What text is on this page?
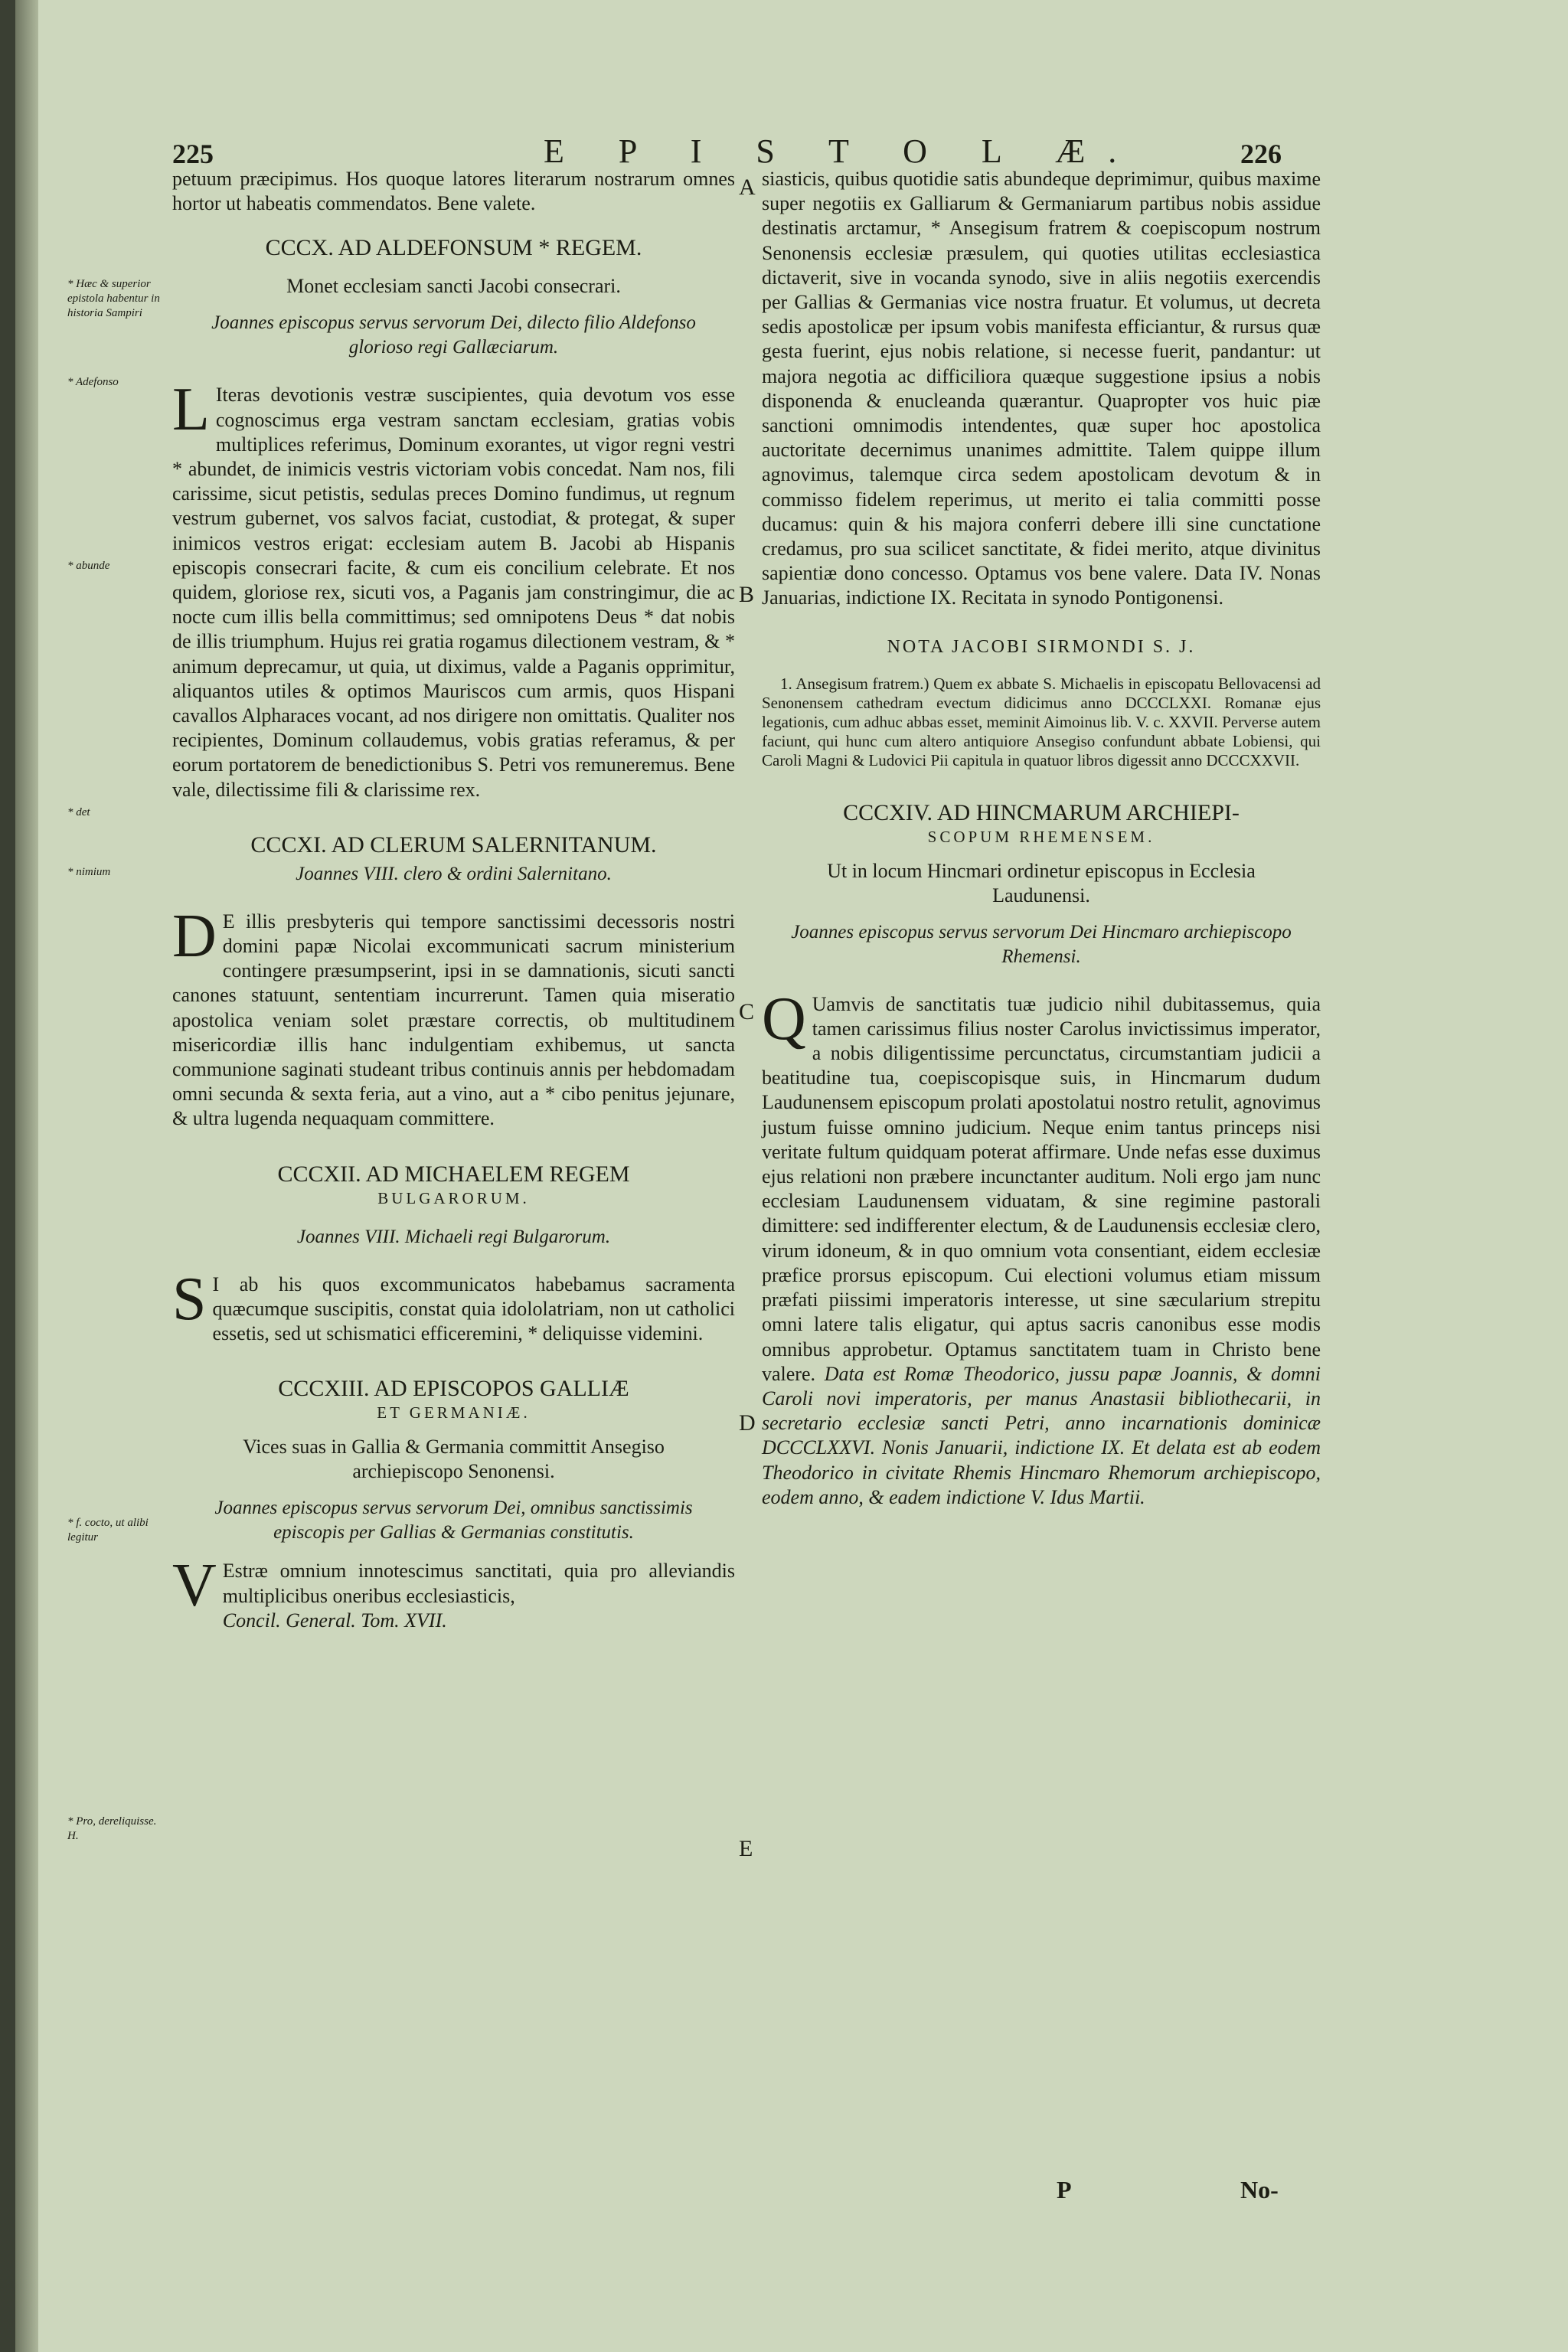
225	E P I S T O L Æ.	226
* Hæc & superior epistola habentur in historia Sampiri
* Adefonso
* abunde
* det
* nimium
* f. cocto, ut alibi legitur
* Pro, dereliquisse. H.
A
B
C
D
E

petuum præcipimus. Hos quoque latores literarum nostrarum omnes hortor ut habeatis commendatos. Bene valete.

CCCX. AD ALDEFONSUM * REGEM.
Monet ecclesiam sancti Jacobi consecrari.
Joannes episcopus servus servorum Dei, dilecto filio Aldefonso glorioso regi Gallæciarum.

L Iteras devotionis vestræ suscipientes, quia devotum vos esse cognoscimus erga vestram sanctam ecclesiam, gratias vobis multiplices referimus, Dominum exorantes, ut vigor regni vestri * abundet, de inimicis vestris victoriam vobis concedat. Nam nos, fili carissime, sicut petistis, sedulas preces Domino fundimus, ut regnum vestrum gubernet, vos salvos faciat, custodiat, & protegat, & super inimicos vestros erigat: ecclesiam autem B. Jacobi ab Hispanis episcopis consecrari facite, & cum eis concilium celebrate. Et nos quidem, gloriose rex, sicuti vos, a Paganis jam constringimur, die ac nocte cum illis bella committimus; sed omnipotens Deus * dat nobis de illis triumphum. Hujus rei gratia rogamus dilectionem vestram, & * animum deprecamur, ut quia, ut diximus, valde a Paganis opprimitur, aliquantos utiles & optimos Mauriscos cum armis, quos Hispani cavallos Alpharaces vocant, ad nos dirigere non omittatis. Qualiter nos recipientes, Dominum collaudemus, vobis gratias referamus, & per eorum portatorem de benedictionibus S. Petri vos remuneremus. Bene vale, dilectissime fili & clarissime rex.

CCCXI. AD CLERUM SALERNITANUM.
Joannes VIII. clero & ordini Salernitano.

D E illis presbyteris qui tempore sanctissimi decessoris nostri domini papæ Nicolai excommunicati sacrum ministerium contingere præsumpserint, ipsi in se damnationis, sicuti sancti canones statuunt, sententiam incurrerunt. Tamen quia miseratio apostolica veniam solet præstare correctis, ob multitudinem misericordiæ illis hanc indulgentiam exhibemus, ut sancta communione saginati studeant tribus continuis annis per hebdomadam omni secunda & sexta feria, aut a vino, aut a * cibo penitus jejunare, & ultra lugenda nequaquam committere.

CCCXII. AD MICHAELEM REGEM
BULGARORUM.
Joannes VIII. Michaeli regi Bulgarorum.

S I ab his quos excommunicatos habebamus sacramenta quæcumque suscipitis, constat quia idololatriam, non ut catholici essetis, sed ut schismatici efficeremini, * deliquisse videmini.

CCCXIII. AD EPISCOPOS GALLIÆ
ET GERMANIÆ.
Vices suas in Gallia & Germania committit Ansegiso archiepiscopo Senonensi.
Joannes episcopus servus servorum Dei, omnibus sanctissimis episcopis per Gallias & Germanias constitutis.

V Estræ omnium innotescimus sanctitati, quia pro alleviandis multiplicibus oneribus ecclesiasticis,

Concil. General. Tom. XVII.

siasticis, quibus quotidie satis abundeque deprimimur, quibus maxime super negotiis ex Galliarum & Germaniarum partibus nobis assidue destinatis arctamur, * Ansegisum fratrem & coepiscopum nostrum Senonensis ecclesiæ præsulem, qui quoties utilitas ecclesiastica dictaverit, sive in vocanda synodo, sive in aliis negotiis exercendis per Gallias & Germanias vice nostra fruatur. Et volumus, ut decreta sedis apostolicæ per ipsum vobis manifesta efficiantur, & rursus quæ gesta fuerint, ejus nobis relatione, si necesse fuerit, pandantur: ut majora negotia ac difficiliora quæque suggestione ipsius a nobis disponenda & enucleanda quærantur. Quapropter vos huic piæ sanctioni omnimodis intendentes, quæ super hoc apostolica auctoritate decernimus unanimes admittite. Talem quippe illum agnovimus, talemque circa sedem apostolicam devotum & in commisso fidelem reperimus, ut merito ei talia committi posse ducamus: quin & his majora conferri debere illi sine cunctatione credamus, pro sua scilicet sanctitate, & fidei merito, atque divinitus sapientiæ dono concesso. Optamus vos bene valere. Data IV. Nonas Januarias, indictione IX. Recitata in synodo Pontigonensi.

NOTA JACOBI SIRMONDI S. J.

1. Ansegisum fratrem.) Quem ex abbate S. Michaelis in episcopatu Bellovacensi ad Senonensem cathedram evectum didicimus anno DCCCLXXI. Romanæ ejus legationis, cum adhuc abbas esset, meminit Aimoinus lib. V. c. XXVII. Perverse autem faciunt, qui hunc cum altero antiquiore Ansegiso confundunt abbate Lobiensi, qui Caroli Magni & Ludovici Pii capitula in quatuor libros digessit anno DCCCXXVII.

CCCXIV. AD HINCMARUM ARCHIEPI-
SCOPUM RHEMENSEM.
Ut in locum Hincmari ordinetur episcopus in Ecclesia Laudunensi.
Joannes episcopus servus servorum Dei Hincmaro archiepiscopo Rhemensi.

Q Uamvis de sanctitatis tuæ judicio nihil dubitassemus, quia tamen carissimus filius noster Carolus invictissimus imperator, a nobis diligentissime percunctatus, circumstantiam judicii a beatitudine tua, coepiscopisque suis, in Hincmarum dudum Laudunensem episcopum prolati apostolatui nostro retulit, agnovimus justum fuisse omnino judicium. Neque enim tantus princeps nisi veritate fultum quidquam poterat affirmare. Unde nefas esse duximus ejus relationi non præbere incunctanter auditum. Noli ergo jam nunc ecclesiam Laudunensem viduatam, & sine regimine pastorali dimittere: sed indifferenter electum, & de Laudunensis ecclesiæ clero, virum idoneum, & in quo omnium vota consentiant, eidem ecclesiæ præfice prorsus episcopum. Cui electioni volumus etiam missum præfati piissimi imperatoris interesse, ut sine sæcularium strepitu omni latere talis eligatur, qui aptus sacris canonibus esse modis omnibus approbetur. Optamus sanctitatem tuam in Christo bene valere. Data est Romæ Theodorico, jussu papæ Joannis, & domni Caroli novi imperatoris, per manus Anastasii bibliothecarii, in secretario ecclesiæ sancti Petri, anno incarnationis dominicæ DCCCLXXVI. Nonis Januarii, indictione IX. Et delata est ab eodem Theodorico in civitate Rhemis Hincmaro Rhemorum archiepiscopo, eodem anno, & eadem indictione V. Idus Martii.

P	No-
